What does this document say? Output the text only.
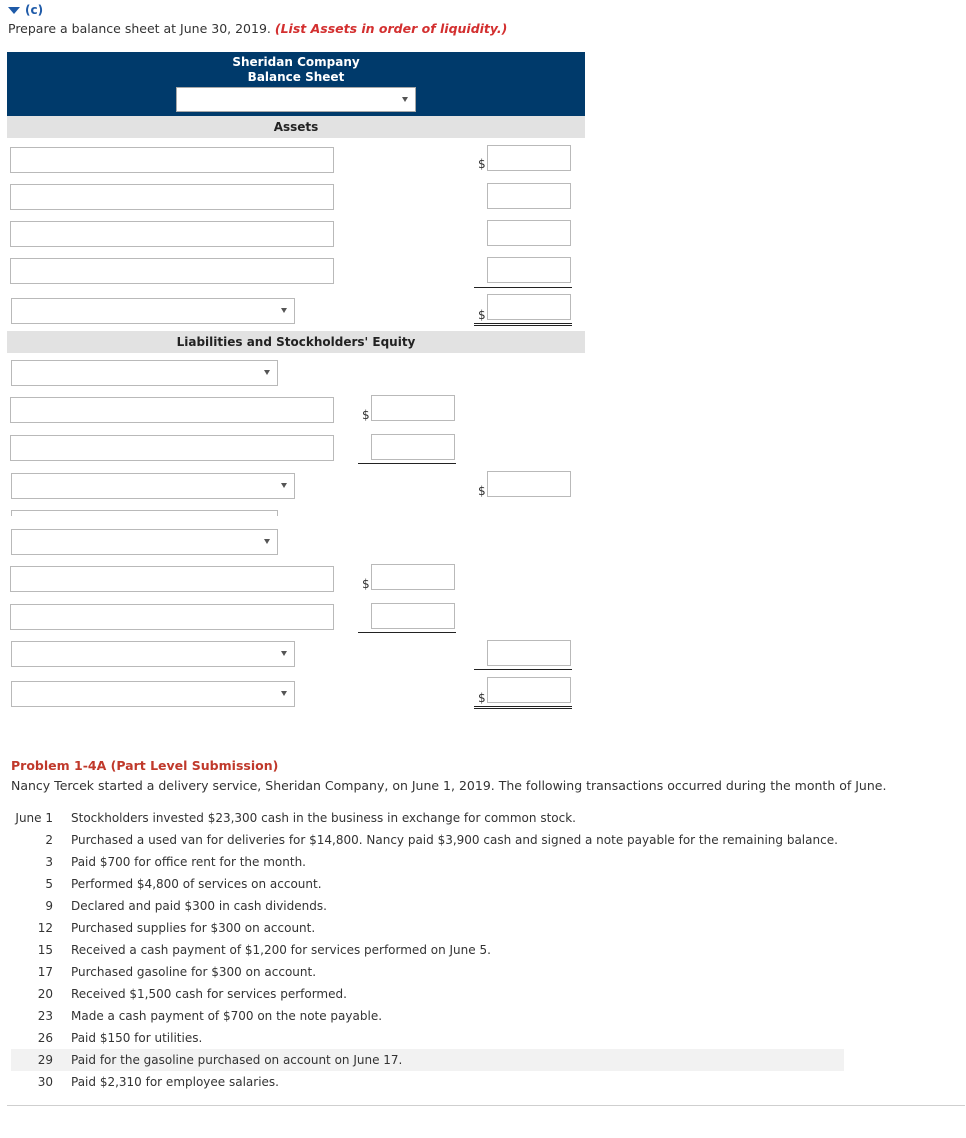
(c)
Prepare a balance sheet at June 30, 2019. (List Assets in order of liquidity.)
Sheridan Company
Balance Sheet
Assets
$
$
Liabilities and Stockholders' Equity
$
$
$
$
Problem 1-4A (Part Level Submission)
Nancy Tercek started a delivery service, Sheridan Company, on June 1, 2019. The following transactions occurred during the month of June.
June 1 Stockholders invested $23,300 cash in the business in exchange for common stock.
2 Purchased a used van for deliveries for $14,800. Nancy paid $3,900 cash and signed a note payable for the remaining balance.
3 Paid $700 for office rent for the month.
5 Performed $4,800 of services on account.
9 Declared and paid $300 in cash dividends.
12 Purchased supplies for $300 on account.
15 Received a cash payment of $1,200 for services performed on June 5.
17 Purchased gasoline for $300 on account.
20 Received $1,500 cash for services performed.
23 Made a cash payment of $700 on the note payable.
26 Paid $150 for utilities.
29 Paid for the gasoline purchased on account on June 17.
30 Paid $2,310 for employee salaries.
